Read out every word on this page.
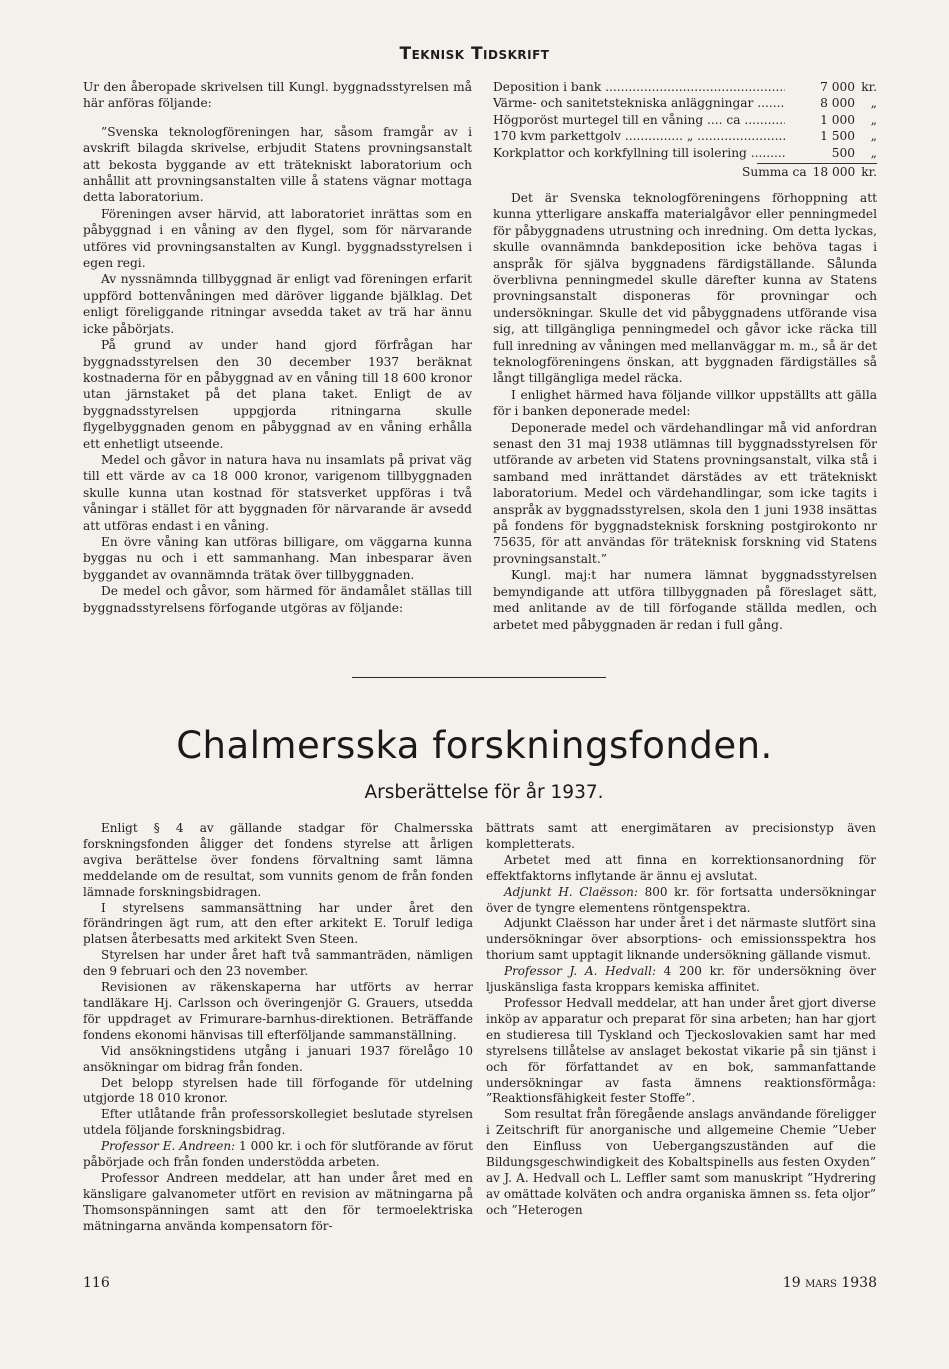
Teknisk Tidskrift

Ur den åberopade skrivelsen till Kungl. byggnadsstyrelsen må här anföras följande:

”Svenska teknologföreningen har, såsom framgår av i avskrift bilagda skrivelse, erbjudit Statens provningsanstalt att bekosta byggande av ett trätekniskt laboratorium och anhållit att provningsanstalten ville å statens vägnar mottaga detta laboratorium.

Föreningen avser härvid, att laboratoriet inrättas som en påbyggnad i en våning av den flygel, som för närvarande utföres vid provningsanstalten av Kungl. byggnadsstyrelsen i egen regi.

Av nyssnämnda tillbyggnad är enligt vad föreningen erfarit uppförd bottenvåningen med däröver liggande bjälklag. Det enligt föreliggande ritningar avsedda taket av trä har ännu icke påbörjats.

På grund av under hand gjord förfrågan har byggnadsstyrelsen den 30 december 1937 beräknat kostnaderna för en påbyggnad av en våning till 18 600 kronor utan järnstaket på det plana taket. Enligt de av byggnadsstyrelsen uppgjorda ritningarna skulle flygelbyggnaden genom en påbyggnad av en våning erhålla ett enhetligt utseende.

Medel och gåvor in natura hava nu insamlats på privat väg till ett värde av ca 18 000 kronor, varigenom tillbyggnaden skulle kunna utan kostnad för statsverket uppföras i två våningar i stället för att byggnaden för närvarande är avsedd att utföras endast i en våning.

En övre våning kan utföras billigare, om väggarna kunna byggas nu och i ett sammanhang. Man inbesparar även byggandet av ovannämnda trätak över tillbyggnaden.

De medel och gåvor, som härmed för ändamålet ställas till byggnadsstyrelsens förfogande utgöras av följande:

Deposition i bank .....	7 000 kr.
Värme- och sanitetstekniska anläggningar .....	8 000	„
Högporöst murtegel till en våning .... ca .....	1 000	„
170 kvm parkettgolv ............... „ .....	1 500	„
Korkplattor och korkfyllning till isolering .....	500	„
Summa ca 18 000 kr.

Det är Svenska teknologföreningens förhoppning att kunna ytterligare anskaffa materialgåvor eller penningmedel för påbyggnadens utrustning och inredning. Om detta lyckas, skulle ovannämnda bankdeposition icke behöva tagas i anspråk för själva byggnadens färdigställande. Sålunda överblivna penningmedel skulle därefter kunna av Statens provningsanstalt disponeras för provningar och undersökningar. Skulle det vid påbyggnadens utförande visa sig, att tillgängliga penningmedel och gåvor icke räcka till full inredning av våningen med mellanväggar m. m., så är det teknologföreningens önskan, att byggnaden färdigställes så långt tillgängliga medel räcka.

I enlighet härmed hava följande villkor uppställts att gälla för i banken deponerade medel:

Deponerade medel och värdehandlingar må vid anfordran senast den 31 maj 1938 utlämnas till byggnadsstyrelsen för utförande av arbeten vid Statens provningsanstalt, vilka stå i samband med inrättandet därstädes av ett trätekniskt laboratorium. Medel och värdehandlingar, som icke tagits i anspråk av byggnadsstyrelsen, skola den 1 juni 1938 insättas på fondens för byggnadsteknisk forskning postgirokonto nr 75635, för att användas för träteknisk forskning vid Statens provningsanstalt.”

Kungl. maj:t har numera lämnat byggnadsstyrelsen bemyndigande att utföra tillbyggnaden på föreslaget sätt, med anlitande av de till förfogande ställda medlen, och arbetet med påbyggnaden är redan i full gång.

Chalmersska forskningsfonden.
Arsberättelse för år 1937.

Enligt § 4 av gällande stadgar för Chalmersska forskningsfonden åligger det fondens styrelse att årligen avgiva berättelse över fondens förvaltning samt lämna meddelande om de resultat, som vunnits genom de från fonden lämnade forskningsbidragen.

I styrelsens sammansättning har under året den förändringen ägt rum, att den efter arkitekt E. Torulf lediga platsen återbesatts med arkitekt Sven Steen.

Styrelsen har under året haft två sammanträden, nämligen den 9 februari och den 23 november.

Revisionen av räkenskaperna har utförts av herrar tandläkare Hj. Carlsson och överingenjör G. Grauers, utsedda för uppdraget av Frimurare-barnhus-direktionen. Beträffande fondens ekonomi hänvisas till efterföljande sammanställning.

Vid ansökningstidens utgång i januari 1937 förelågo 10 ansökningar om bidrag från fonden.

Det belopp styrelsen hade till förfogande för utdelning utgjorde 18 010 kronor.

Efter utlåtande från professorskollegiet beslutade styrelsen utdela följande forskningsbidrag.

Professor E. Andreen: 1 000 kr. i och för slutförande av förut påbörjade och från fonden understödda arbeten.

Professor Andreen meddelar, att han under året med en känsligare galvanometer utfört en revision av mätningarna på Thomsonspänningen samt att den för termoelektriska mätningarna använda kompensatorn för-

bättrats samt att energimätaren av precisionstyp även kompletterats.

Arbetet med att finna en korrektionsanordning för effektfaktorns inflytande är ännu ej avslutat.

Adjunkt H. Claësson: 800 kr. för fortsatta undersökningar över de tyngre elementens röntgenspektra.

Adjunkt Claësson har under året i det närmaste slutfört sina undersökningar över absorptions- och emissionsspektra hos thorium samt upptagit liknande undersökning gällande vismut.

Professor J. A. Hedvall: 4 200 kr. för undersökning över ljuskänsliga fasta kroppars kemiska affinitet.

Professor Hedvall meddelar, att han under året gjort diverse inköp av apparatur och preparat för sina arbeten; han har gjort en studieresa till Tyskland och Tjeckoslovakien samt har med styrelsens tillåtelse av anslaget bekostat vikarie på sin tjänst i och för författandet av en bok, sammanfattande undersökningar av fasta ämnens reaktionsförmåga: ”Reaktionsfähigkeit fester Stoffe”.

Som resultat från föregående anslags användande föreligger i Zeitschrift für anorganische und allgemeine Chemie ”Ueber den Einfluss von Uebergangszuständen auf die Bildungsgeschwindigkeit des Kobaltspinells aus festen Oxyden” av J. A. Hedvall och L. Leffler samt som manuskript ”Hydrering av omättade kolväten och andra organiska ämnen ss. feta oljor” och ”Heterogen

116	19 mars 1938
